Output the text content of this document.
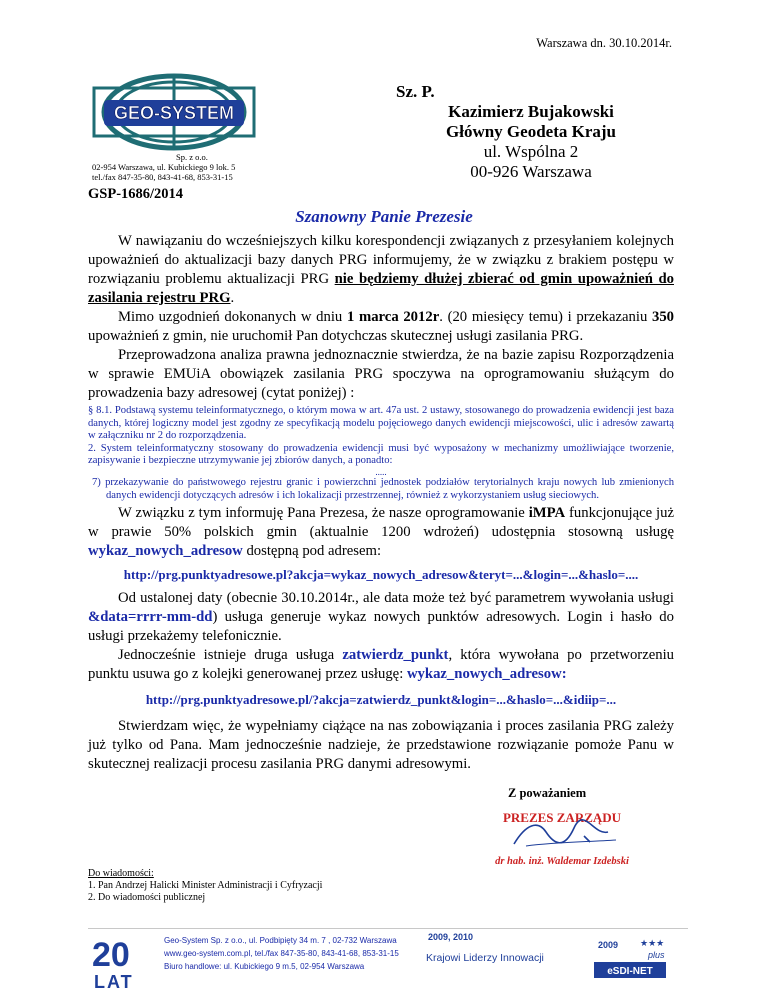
Warszawa dn. 30.10.2014r.
GEO-SYSTEM
Sp. z o.o.
02-954 Warszawa, ul. Kubickiego 9 lok. 5
tel./fax 847-35-80, 843-41-68, 853-31-15
GSP-1686/2014
Sz. P.
Kazimierz Bujakowski
Główny Geodeta Kraju
ul. Wspólna 2
00-926 Warszawa
Szanowny Panie Prezesie

W nawiązaniu do wcześniejszych kilku korespondencji związanych z przesyłaniem kolejnych upoważnień do aktualizacji bazy danych PRG informujemy, że w związku z brakiem postępu w rozwiązaniu problemu aktualizacji PRG nie będziemy dłużej zbierać od gmin upoważnień do zasilania rejestru PRG.

Mimo uzgodnień dokonanych w dniu 1 marca 2012r. (20 miesięcy temu) i przekazaniu 350 upoważnień z gmin, nie uruchomił Pan dotychczas skutecznej usługi zasilania PRG.

Przeprowadzona analiza prawna jednoznacznie stwierdza, że na bazie zapisu Rozporządzenia w sprawie EMUiA obowiązek zasilania PRG spoczywa na oprogramowaniu służącym do prowadzenia bazy adresowej (cytat poniżej) :

§ 8.1. Podstawą systemu teleinformatycznego, o którym mowa w art. 47a ust. 2 ustawy, stosowanego do prowadzenia ewidencji jest baza danych, której logiczny model jest zgodny ze specyfikacją modelu pojęciowego danych ewidencji miejscowości, ulic i adresów zawartą w załączniku nr 2 do rozporządzenia.
2. System teleinformatyczny stosowany do prowadzenia ewidencji musi być wyposażony w mechanizmy umożliwiające tworzenie, zapisywanie i bezpieczne utrzymywanie jej zbiorów danych, a ponadto:
.....
7) przekazywanie do państwowego rejestru granic i powierzchni jednostek podziałów terytorialnych kraju nowych lub zmienionych danych ewidencji dotyczących adresów i ich lokalizacji przestrzennej, również z wykorzystaniem usług sieciowych.

W związku z tym informuję Pana Prezesa, że nasze oprogramowanie iMPA funkcjonujące już w prawie 50% polskich gmin (aktualnie 1200 wdrożeń) udostępnia stosowną usługę wykaz_nowych_adresow dostępną pod adresem:

http://prg.punktyadresowe.pl?akcja=wykaz_nowych_adresow&teryt=...&login=...&haslo=....

Od ustalonej daty (obecnie 30.10.2014r., ale data może też być parametrem wywołania usługi &data=rrrr-mm-dd) usługa generuje wykaz nowych punktów adresowych. Login i hasło do usługi przekażemy telefonicznie.

Jednocześnie istnieje druga usługa zatwierdz_punkt, która wywołana po przetworzeniu punktu usuwa go z kolejki generowanej przez usługę: wykaz_nowych_adresow:

http://prg.punktyadresowe.pl/?akcja=zatwierdz_punkt&login=...&haslo=...&idiip=...

Stwierdzam więc, że wypełniamy ciążące na nas zobowiązania i proces zasilania PRG zależy już tylko od Pana. Mam jednocześnie nadzieje, że przedstawione rozwiązanie pomoże Panu w skutecznej realizacji procesu zasilania PRG danymi adresowymi.

Z poważaniem
PREZES ZARZĄDU
dr hab. inż. Waldemar Izdebski
Do wiadomości:
1. Pan Andrzej Halicki Minister Administracji i Cyfryzacji
2. Do wiadomości publicznej
20
LAT
Geo-System Sp. z o.o., ul. Podbipięty 34 m. 7 , 02-732 Warszawa
www.geo-system.com.pl, tel./fax 847-35-80, 843-41-68, 853-31-15
Biuro handlowe: ul. Kubickiego 9 m.5, 02-954 Warszawa
2009, 2010
Krajowi Liderzy Innowacji
2009 ★★★
plus
eSDI-NET
